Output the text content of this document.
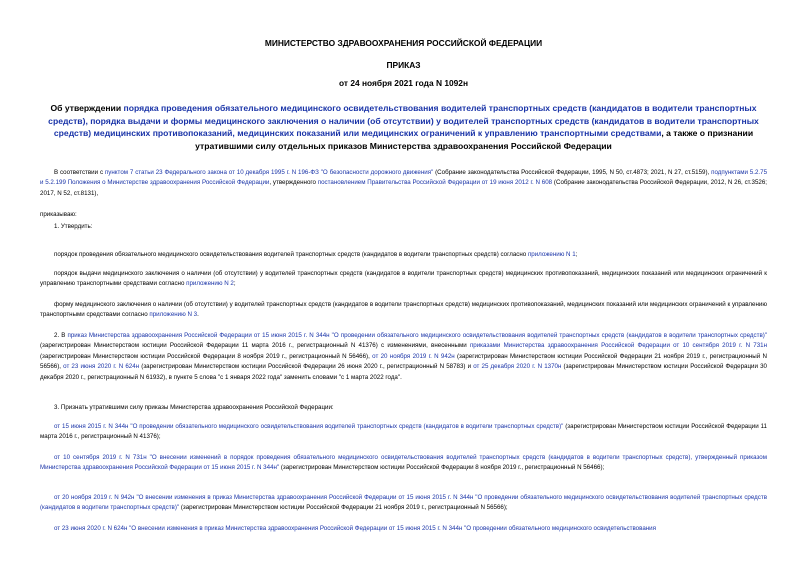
МИНИСТЕРСТВО ЗДРАВООХРАНЕНИЯ РОССИЙСКОЙ ФЕДЕРАЦИИ
ПРИКАЗ
от 24 ноября 2021 года N 1092н
Об утверждении порядка проведения обязательного медицинского освидетельствования водителей транспортных средств (кандидатов в водители транспортных средств), порядка выдачи и формы медицинского заключения о наличии (об отсутствии) у водителей транспортных средств (кандидатов в водители транспортных средств) медицинских противопоказаний, медицинских показаний или медицинских ограничений к управлению транспортными средствами, а также о признании утратившими силу отдельных приказов Министерства здравоохранения Российской Федерации
В соответствии с пунктом 7 статьи 23 Федерального закона от 10 декабря 1995 г. N 196-ФЗ "О безопасности дорожного движения" (Собрание законодательства Российской Федерации, 1995, N 50, ст.4873; 2021, N 27, ст.5159), подпунктами 5.2.75 и 5.2.199 Положения о Министерстве здравоохранения Российской Федерации, утвержденного постановлением Правительства Российской Федерации от 19 июня 2012 г. N 608 (Собрание законодательства Российской Федерации, 2012, N 26, ст.3526; 2017, N 52, ст.8131),
приказываю:
1. Утвердить:
порядок проведения обязательного медицинского освидетельствования водителей транспортных средств (кандидатов в водители транспортных средств) согласно приложению N 1;
порядок выдачи медицинского заключения о наличии (об отсутствии) у водителей транспортных средств (кандидатов в водители транспортных средств) медицинских противопоказаний, медицинских показаний или медицинских ограничений к управлению транспортными средствами согласно приложению N 2;
форму медицинского заключения о наличии (об отсутствии) у водителей транспортных средств (кандидатов в водители транспортных средств) медицинских противопоказаний, медицинских показаний или медицинских ограничений к управлению транспортными средствами согласно приложению N 3.
2. В приказ Министерства здравоохранения Российской Федерации от 15 июня 2015 г. N 344н "О проведении обязательного медицинского освидетельствования водителей транспортных средств (кандидатов в водители транспортных средств)" (зарегистрирован Министерством юстиции Российской Федерации 11 марта 2016 г., регистрационный N 41376) с изменениями, внесенными приказами Министерства здравоохранения Российской Федерации от 10 сентября 2019 г. N 731н (зарегистрирован Министерством юстиции Российской Федерации 8 ноября 2019 г., регистрационный N 56466), от 20 ноября 2019 г. N 942н (зарегистрирован Министерством юстиции Российской Федерации 21 ноября 2019 г., регистрационный N 56566), от 23 июня 2020 г. N 624н (зарегистрирован Министерством юстиции Российской Федерации 26 июня 2020 г., регистрационный N 58783) и от 25 декабря 2020 г. N 1370н (зарегистрирован Министерством юстиции Российской Федерации 30 декабря 2020 г., регистрационный N 61932), в пункте 5 слова "с 1 января 2022 года" заменить словами "с 1 марта 2022 года".
3. Признать утратившими силу приказы Министерства здравоохранения Российской Федерации:
от 15 июня 2015 г. N 344н "О проведении обязательного медицинского освидетельствования водителей транспортных средств (кандидатов в водители транспортных средств)" (зарегистрирован Министерством юстиции Российской Федерации 11 марта 2016 г., регистрационный N 41376);
от 10 сентября 2019 г. N 731н "О внесении изменений в порядок проведения обязательного медицинского освидетельствования водителей транспортных средств (кандидатов в водители транспортных средств), утвержденный приказом Министерства здравоохранения Российской Федерации от 15 июня 2015 г. N 344н" (зарегистрирован Министерством юстиции Российской Федерации 8 ноября 2019 г., регистрационный N 56466);
от 20 ноября 2019 г. N 942н "О внесении изменения в приказ Министерства здравоохранения Российской Федерации от 15 июня 2015 г. N 344н "О проведении обязательного медицинского освидетельствования водителей транспортных средств (кандидатов в водители транспортных средств)" (зарегистрирован Министерством юстиции Российской Федерации 21 ноября 2019 г., регистрационный N 56566);
от 23 июня 2020 г. N 624н "О внесении изменения в приказ Министерства здравоохранения Российской Федерации от 15 июня 2015 г. N 344н "О проведении обязательного медицинского освидетельствования
